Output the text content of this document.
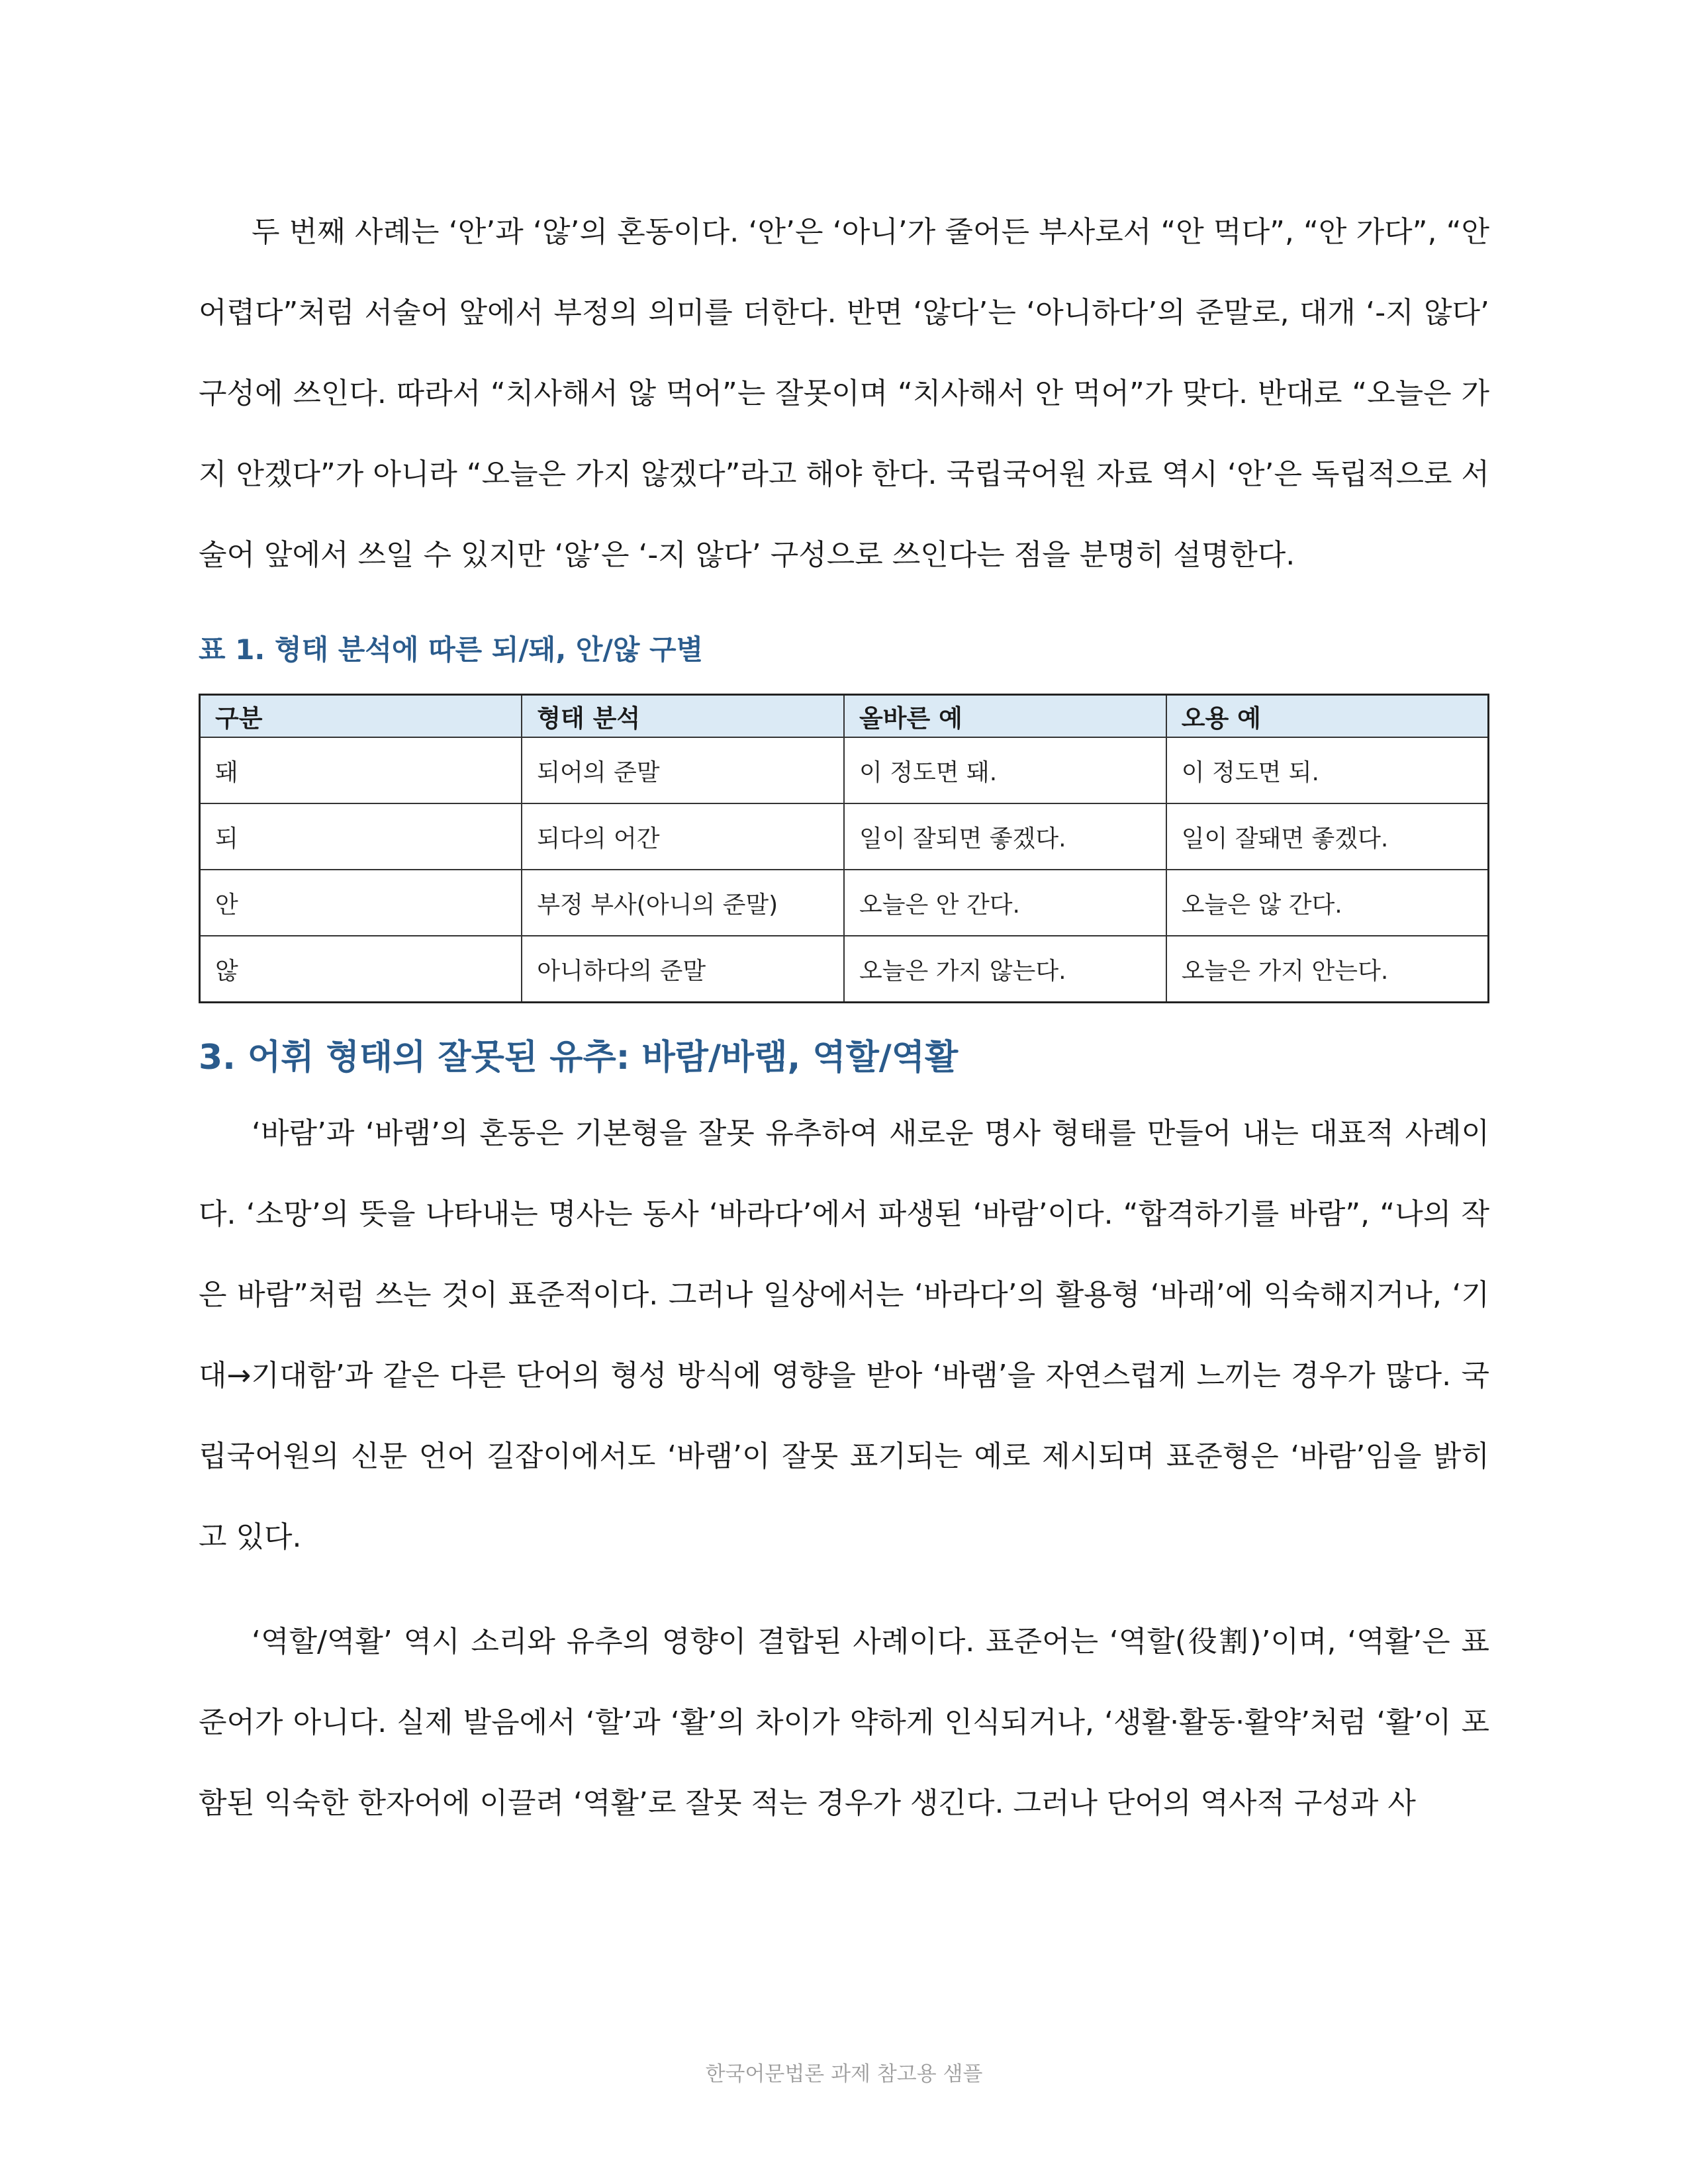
두 번째 사례는 ‘안’과 ‘않’의 혼동이다. ‘안’은 ‘아니’가 줄어든 부사로서 “안 먹다”, “안 가다”, “안 어렵다”처럼 서술어 앞에서 부정의 의미를 더한다. 반면 ‘않다’는 ‘아니하다’의 준말로, 대개 ‘-지 않다’ 구성에 쓰인다. 따라서 “치사해서 않 먹어”는 잘못이며 “치사해서 안 먹어”가 맞다. 반대로 “오늘은 가지 안겠다”가 아니라 “오늘은 가지 않겠다”라고 해야 한다. 국립국어원 자료 역시 ‘안’은 독립적으로 서술어 앞에서 쓰일 수 있지만 ‘않’은 ‘-지 않다’ 구성으로 쓰인다는 점을 분명히 설명한다.

표 1. 형태 분석에 따른 되/돼, 안/않 구별
구분	형태 분석	올바른 예	오용 예
돼	되어의 준말	이 정도면 돼.	이 정도면 되.
되	되다의 어간	일이 잘되면 좋겠다.	일이 잘돼면 좋겠다.
안	부정 부사(아니의 준말)	오늘은 안 간다.	오늘은 않 간다.
않	아니하다의 준말	오늘은 가지 않는다.	오늘은 가지 안는다.
3. 어휘 형태의 잘못된 유추: 바람/바램, 역할/역활

‘바람’과 ‘바램’의 혼동은 기본형을 잘못 유추하여 새로운 명사 형태를 만들어 내는 대표적 사례이다. ‘소망’의 뜻을 나타내는 명사는 동사 ‘바라다’에서 파생된 ‘바람’이다. “합격하기를 바람”, “나의 작은 바람”처럼 쓰는 것이 표준적이다. 그러나 일상에서는 ‘바라다’의 활용형 ‘바래’에 익숙해지거나, ‘기대→기대함’과 같은 다른 단어의 형성 방식에 영향을 받아 ‘바램’을 자연스럽게 느끼는 경우가 많다. 국립국어원의 신문 언어 길잡이에서도 ‘바램’이 잘못 표기되는 예로 제시되며 표준형은 ‘바람’임을 밝히고 있다.

‘역할/역활’ 역시 소리와 유추의 영향이 결합된 사례이다. 표준어는 ‘역할(役割)’이며, ‘역활’은 표준어가 아니다. 실제 발음에서 ‘할’과 ‘활’의 차이가 약하게 인식되거나, ‘생활·활동·활약’처럼 ‘활’이 포함된 익숙한 한자어에 이끌려 ‘역활’로 잘못 적는 경우가 생긴다. 그러나 단어의 역사적 구성과 사

한국어문법론 과제 참고용 샘플
